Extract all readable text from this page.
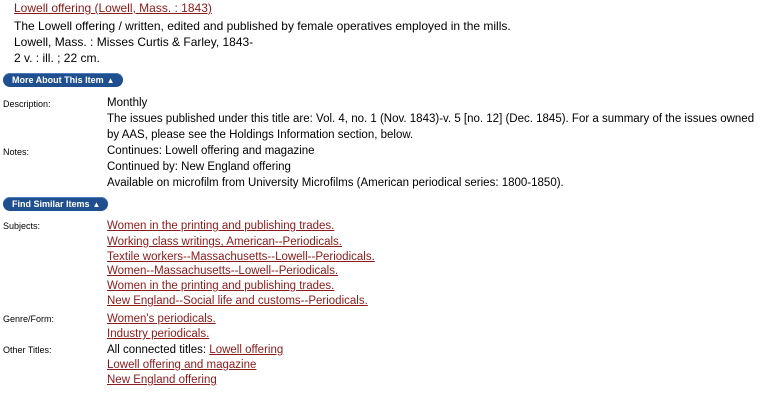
Lowell offering (Lowell, Mass. : 1843)
The Lowell offering / written, edited and published by female operatives employed in the mills.
Lowell, Mass. : Misses Curtis & Farley, 1843-
2 v. : ill. ; 22 cm.
More About This Item ▲
Description:	Monthly
The issues published under this title are: Vol. 4, no. 1 (Nov. 1843)-v. 5 [no. 12] (Dec. 1845). For a summary of the issues owned
by AAS, please see the Holdings Information section, below.
Notes:	Continues: Lowell offering and magazine
Continued by: New England offering
Available on microfilm from University Microfilms (American periodical series: 1800-1850).
Find Similar Items ▲
Subjects:	Women in the printing and publishing trades.
Working class writings, American--Periodicals.
Textile workers--Massachusetts--Lowell--Periodicals.
Women--Massachusetts--Lowell--Periodicals.
Women in the printing and publishing trades.
New England--Social life and customs--Periodicals.
Genre/Form:	Women's periodicals.
Industry periodicals.
Other Titles:	All connected titles: Lowell offering
Lowell offering and magazine
New England offering
